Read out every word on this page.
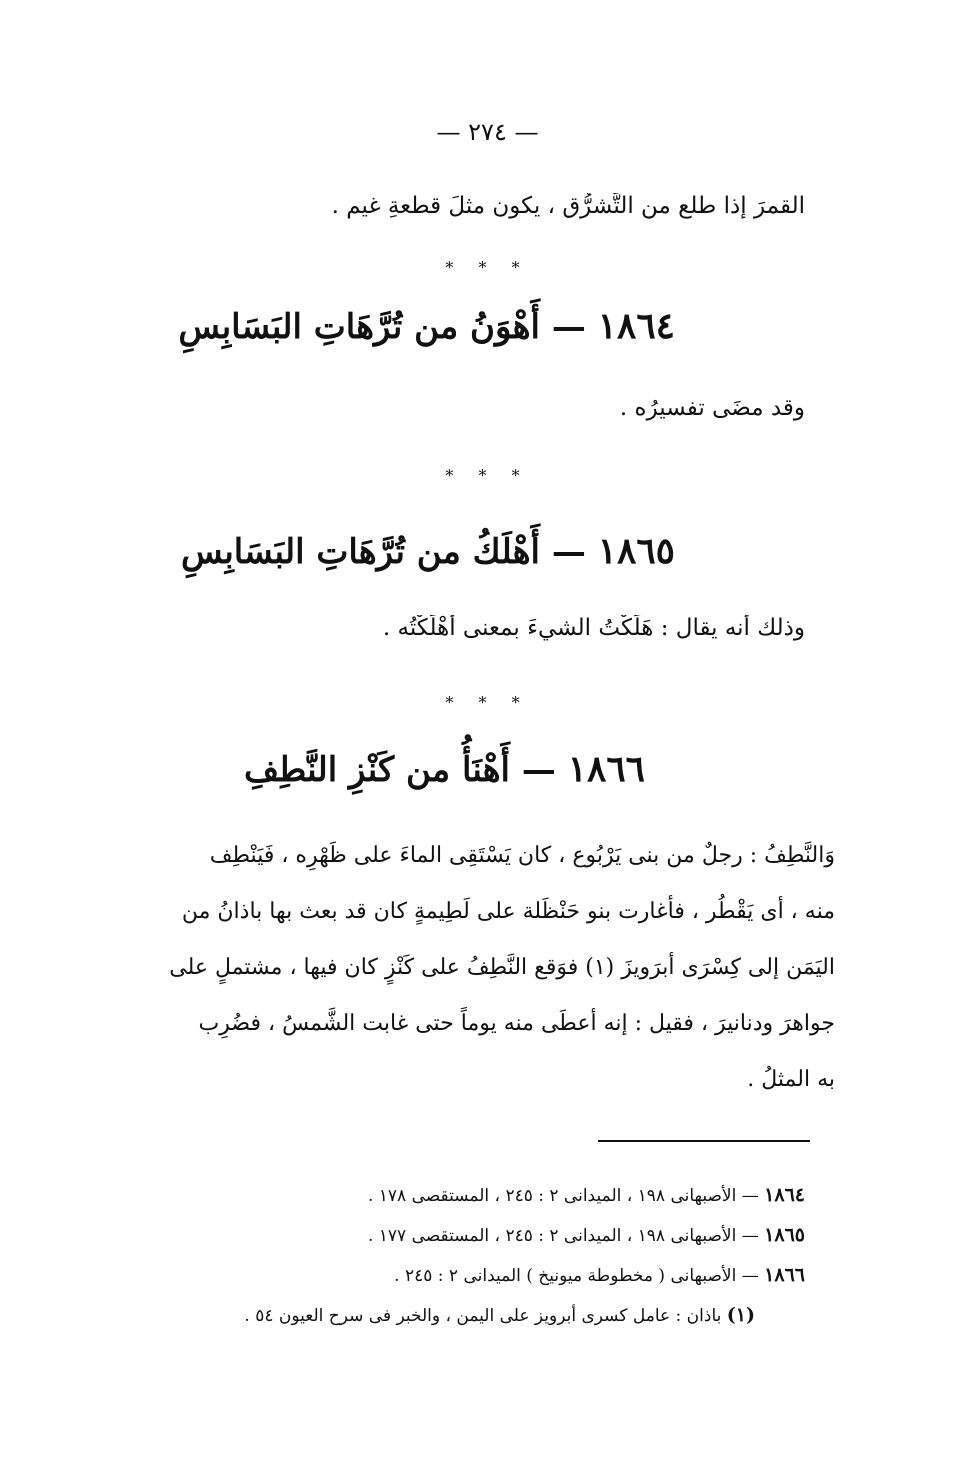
— ٢٧٤ —
القمرَ إذا طلع من التَّشرُّق ، يكون مثلَ قطعةِ غيمٍ .
* * *
١٨٦٤ — أَهْوَنُ من تُرَّهَاتِ البَسَابِسِ
وقد مضَى تفسيرُه .
* * *
١٨٦٥ — أَهْلَكُ من تُرَّهَاتِ البَسَابِسِ
وذلك أنه يقال : هَلَكْتُ الشيءَ بمعنى أَهْلَكْتُه .
* * *
١٨٦٦ — أَهْنَأُ من كَنْزِ النَّطِفِ

وَالنَّطِفُ : رجلٌ من بنى يَرْبُوع ، كان يَسْتَقِى الماءَ على ظَهْرِه ، فَيَنْطِف

منه ، أى يَقْطُر ، فأغارت بنو حَنْظَلة على لَطِيمةٍ كان قد بعث بها باذانُ من

اليَمَن إلى كِسْرَى أبرَويزَ (١) فوَقع النَّطِفُ على كَنْزٍ كان فيها ، مشتملٍ على

جواهرَ ودنانيرَ ، فقيل : إنه أعطَى منه يوماً حتى غابت الشَّمسُ ، فضُرِب

به المثلُ .

١٨٦٤ — الأصبهانى ١٩٨ ، الميدانى ٢ : ٢٤٥ ، المستقصى ١٧٨ .
١٨٦٥ — الأصبهانى ١٩٨ ، الميدانى ٢ : ٢٤٥ ، المستقصى ١٧٧ .
١٨٦٦ — الأصبهانى ( مخطوطة ميونيخ ) الميدانى ٢ : ٢٤٥ .
(١) باذان : عامل كسرى أبرويز على اليمن ، والخبر فى سرح العيون ٥٤ .
